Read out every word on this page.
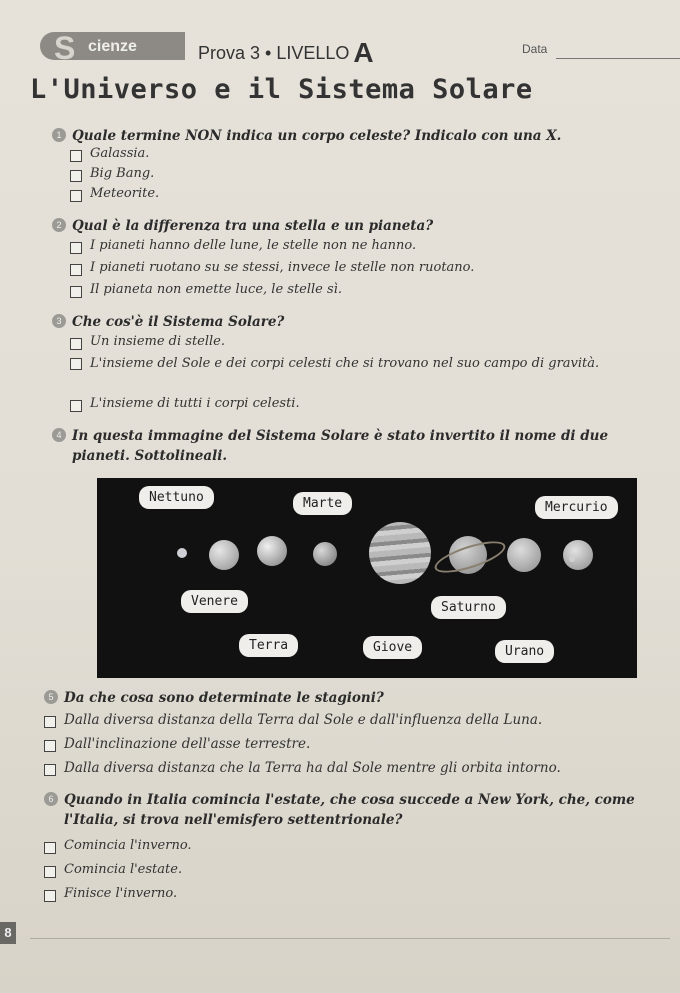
S cienze	Prova 3 • LIVELLO A	Data
L'Universo e il Sistema Solare
1 Quale termine NON indica un corpo celeste? Indicalo con una X.
Galassia.
Big Bang.
Meteorite.
2 Qual è la differenza tra una stella e un pianeta?
I pianeti hanno delle lune, le stelle non ne hanno.
I pianeti ruotano su se stessi, invece le stelle non ruotano.
Il pianeta non emette luce, le stelle sì.
3 Che cos'è il Sistema Solare?
Un insieme di stelle.
L'insieme del Sole e dei corpi celesti che si trovano nel suo campo di gravità.
L'insieme di tutti i corpi celesti.
4 In questa immagine del Sistema Solare è stato invertito il nome di due pianeti. Sottolineali.
Nettuno	Marte	Mercurio
Venere	Saturno
Terra	Giove	Urano
5 Da che cosa sono determinate le stagioni?
Dalla diversa distanza della Terra dal Sole e dall'influenza della Luna.
Dall'inclinazione dell'asse terrestre.
Dalla diversa distanza che la Terra ha dal Sole mentre gli orbita intorno.
6 Quando in Italia comincia l'estate, che cosa succede a New York, che, come l'Italia, si trova nell'emisfero settentrionale?
Comincia l'inverno.
Comincia l'estate.
Finisce l'inverno.
8
